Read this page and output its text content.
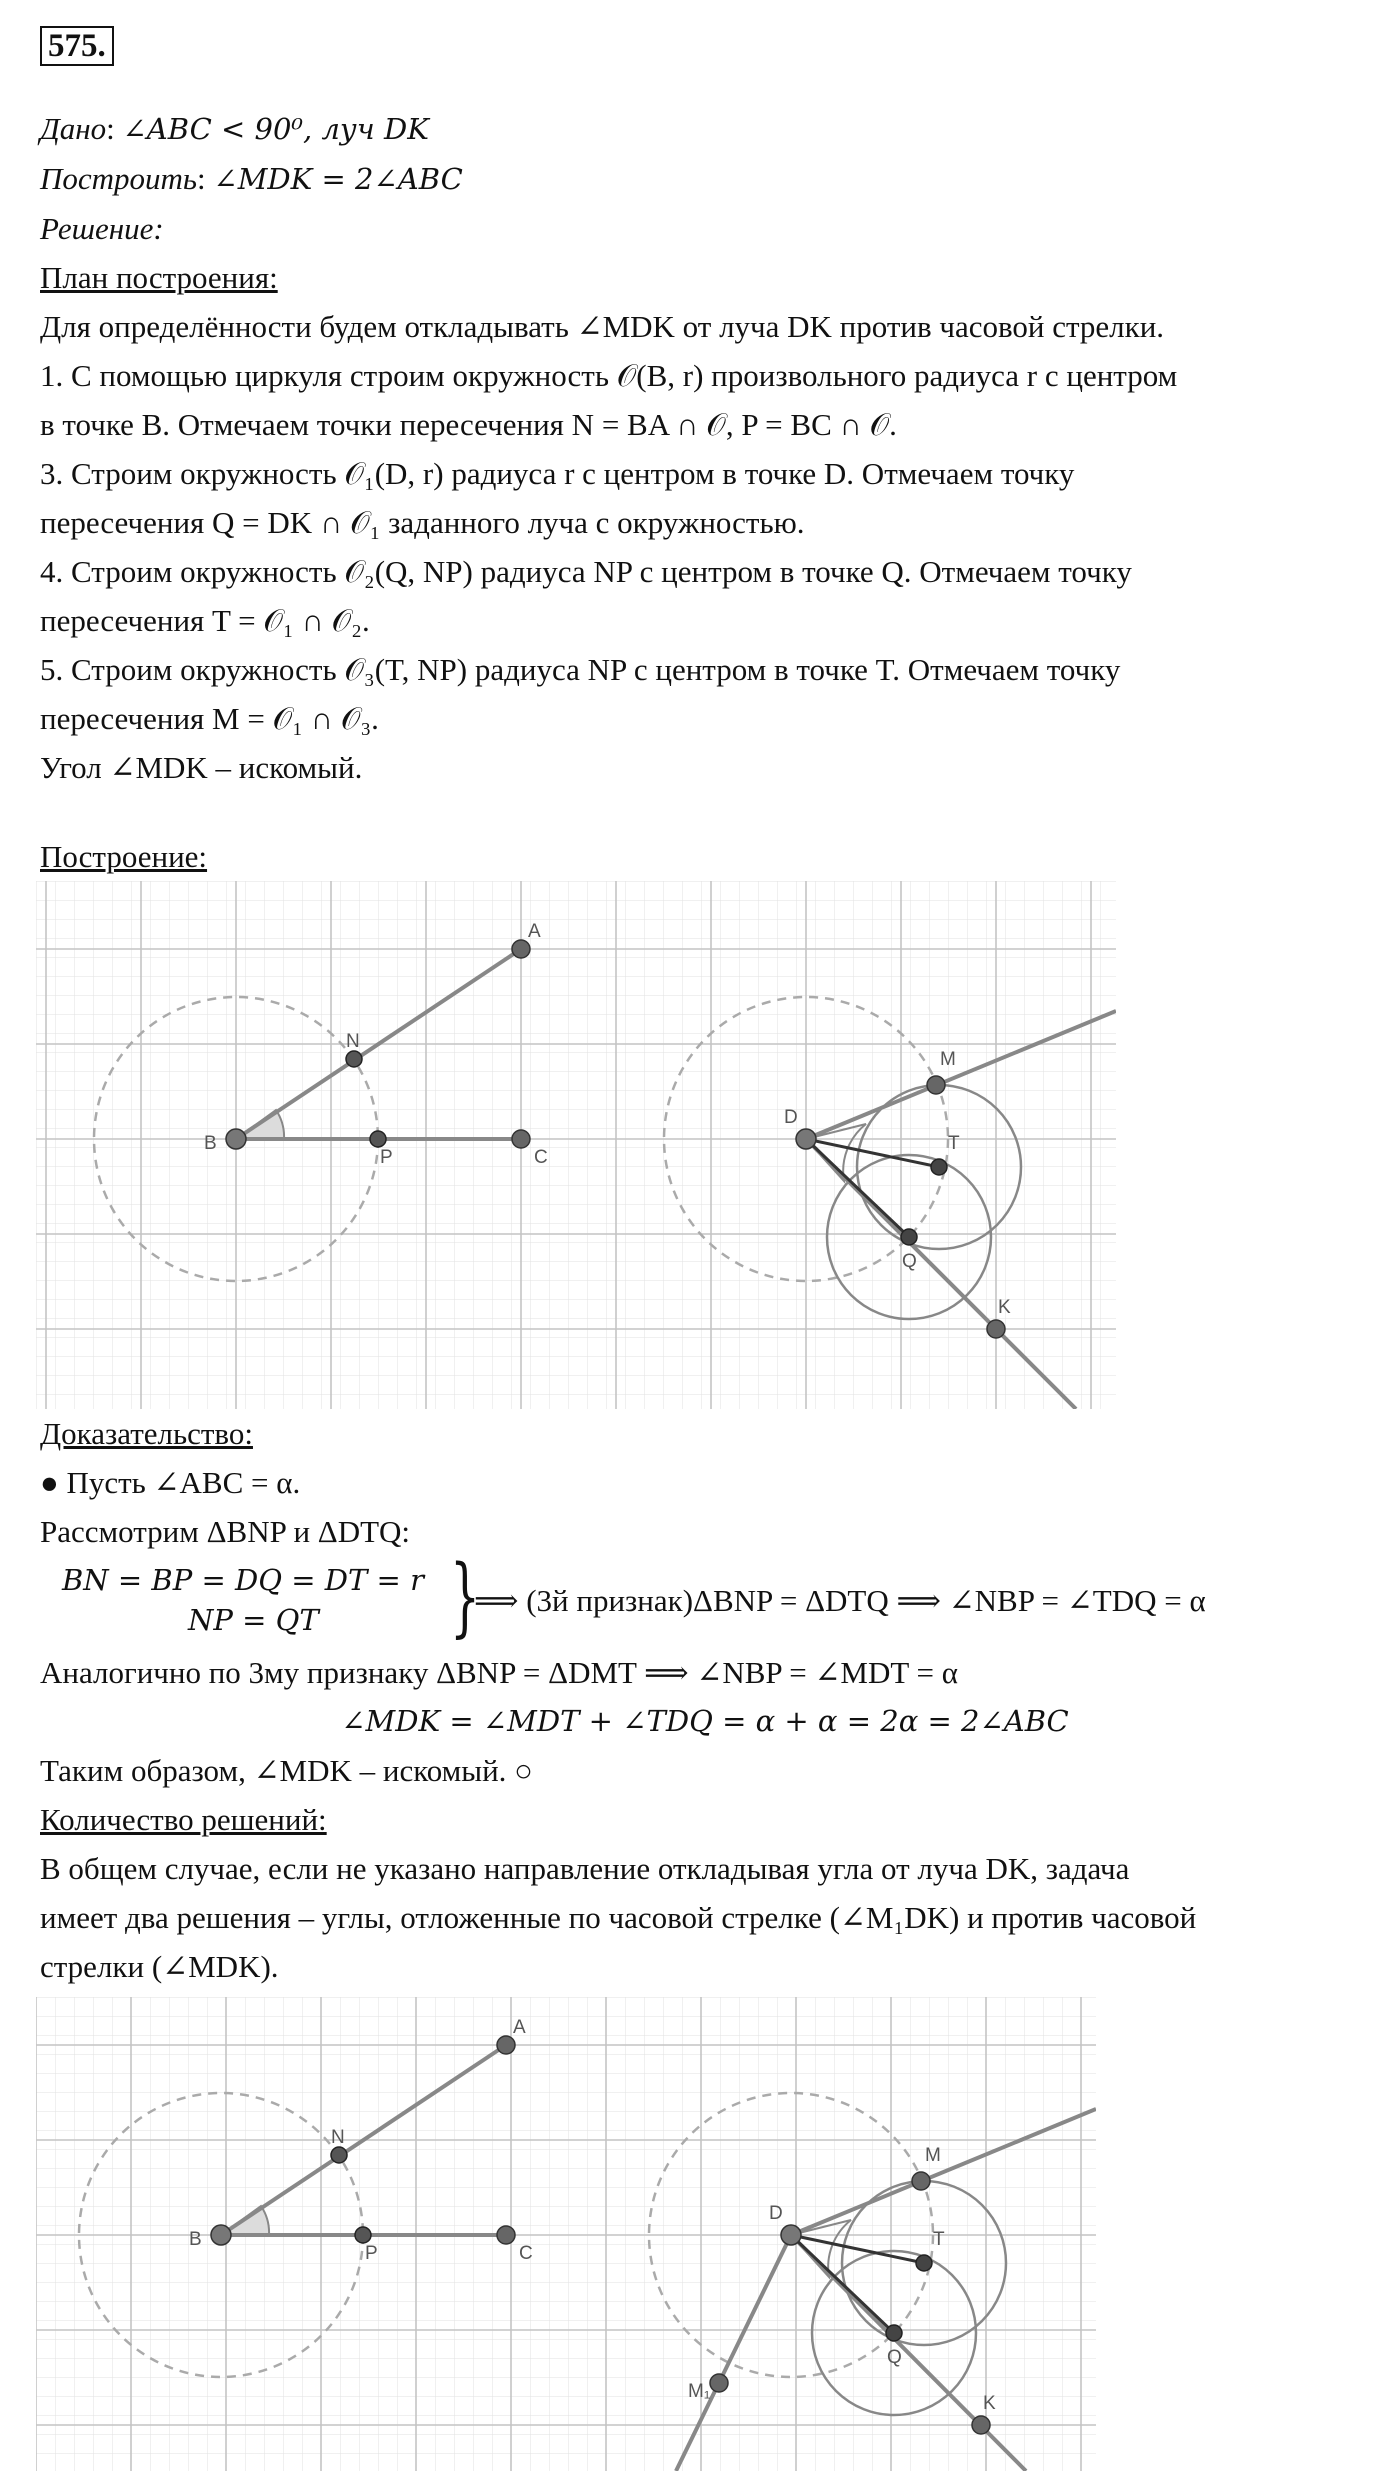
575.
Дано: ∠ABC < 90⁰, луч DK
Построить: ∠MDK = 2∠ABC
Решение:
План построения:
Для определённости будем откладывать ∠MDK от луча DK против часовой стрелки.
1. С помощью циркуля строим окружность 𝒪(B, r) произвольного радиуса r с центром
в точке B. Отмечаем точки пересечения N = BA ∩ 𝒪, P = BC ∩ 𝒪.
3. Строим окружность 𝒪₁(D, r) радиуса r с центром в точке D. Отмечаем точку
пересечения Q = DK ∩ 𝒪₁ заданного луча с окружностью.
4. Строим окружность 𝒪₂(Q, NP) радиуса NP с центром в точке Q. Отмечаем точку
пересечения T = 𝒪₁ ∩ 𝒪₂.
5. Строим окружность 𝒪₃(T, NP) радиуса NP с центром в точке T. Отмечаем точку
пересечения M = 𝒪₁ ∩ 𝒪₃.
Угол ∠MDK – искомый.
Построение:
A
N
B
P	C
M
D
T
Q
K
Доказательство:
● Пусть ∠ABC = α.
Рассмотрим ΔBNP и ΔDTQ:
BN = BP = DQ = DT = r
NP = QT }
⟹ (3й признак)ΔBNP = ΔDTQ ⟹ ∠NBP = ∠TDQ = α
Аналогично по 3му признаку ΔBNP = ΔDMT ⟹ ∠NBP = ∠MDT = α
∠MDK = ∠MDT + ∠TDQ = α + α = 2α = 2∠ABC
Таким образом, ∠MDK – искомый. ○
Количество решений:
В общем случае, если не указано направление откладывая угла от луча DK, задача
имеет два решения – углы, отложенные по часовой стрелке (∠M₁DK) и против часовой
стрелки (∠MDK).
A
N
B
P	C
M
D
T
Q
K
M₁
